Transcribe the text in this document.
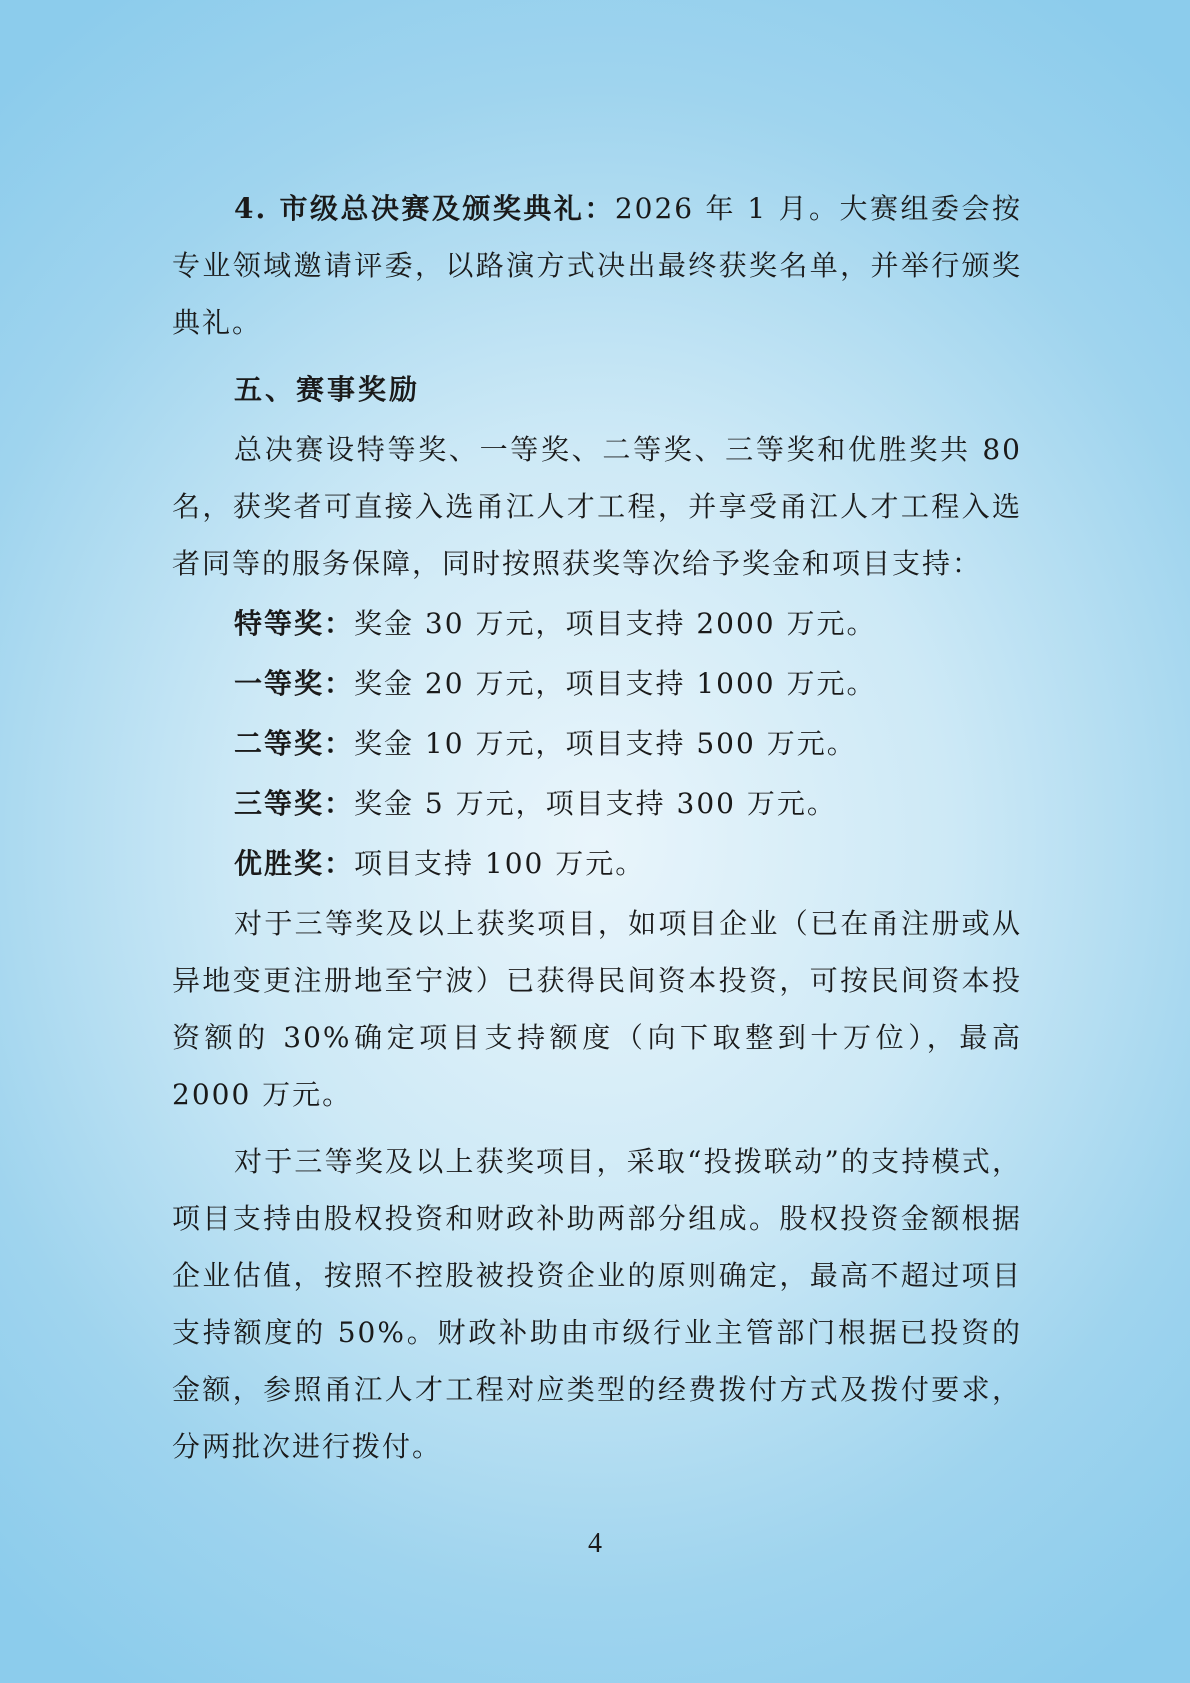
4. 市级总决赛及颁奖典礼：2026 年 1 月。大赛组委会按专业领域邀请评委，以路演方式决出最终获奖名单，并举行颁奖典礼。

五、赛事奖励

总决赛设特等奖、一等奖、二等奖、三等奖和优胜奖共 80 名，获奖者可直接入选甬江人才工程，并享受甬江人才工程入选者同等的服务保障，同时按照获奖等次给予奖金和项目支持：

特等奖：奖金 30 万元，项目支持 2000 万元。

一等奖：奖金 20 万元，项目支持 1000 万元。

二等奖：奖金 10 万元，项目支持 500 万元。

三等奖：奖金 5 万元，项目支持 300 万元。

优胜奖：项目支持 100 万元。

对于三等奖及以上获奖项目，如项目企业（已在甬注册或从异地变更注册地至宁波）已获得民间资本投资，可按民间资本投资额的 30%确定项目支持额度（向下取整到十万位），最高 2000 万元。

对于三等奖及以上获奖项目，采取“投拨联动”的支持模式，项目支持由股权投资和财政补助两部分组成。股权投资金额根据企业估值，按照不控股被投资企业的原则确定，最高不超过项目支持额度的 50%。财政补助由市级行业主管部门根据已投资的金额，参照甬江人才工程对应类型的经费拨付方式及拨付要求，分两批次进行拨付。

4
